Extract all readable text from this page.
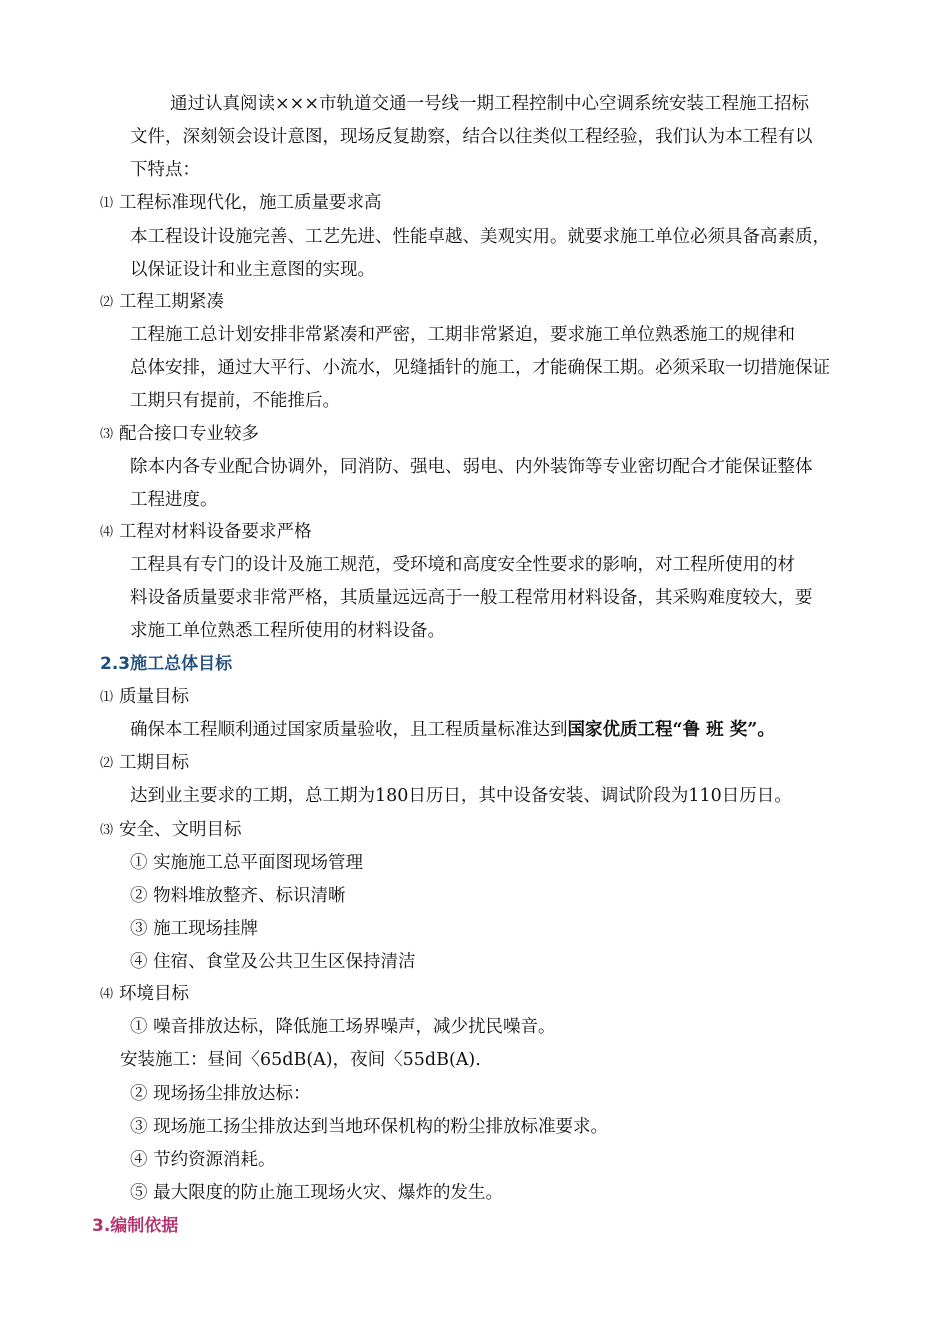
通过认真阅读×××市轨道交通一号线一期工程控制中心空调系统安装工程施工招标
文件，深刻领会设计意图，现场反复勘察，结合以往类似工程经验，我们认为本工程有以
下特点：
⑴ 工程标准现代化，施工质量要求高
本工程设计设施完善、工艺先进、性能卓越、美观实用。就要求施工单位必须具备高素质，
以保证设计和业主意图的实现。
⑵ 工程工期紧凑
工程施工总计划安排非常紧凑和严密，工期非常紧迫，要求施工单位熟悉施工的规律和
总体安排，通过大平行、小流水，见缝插针的施工，才能确保工期。必须采取一切措施保证
工期只有提前，不能推后。
⑶ 配合接口专业较多
除本内各专业配合协调外，同消防、强电、弱电、内外装饰等专业密切配合才能保证整体
工程进度。
⑷ 工程对材料设备要求严格
工程具有专门的设计及施工规范，受环境和高度安全性要求的影响，对工程所使用的材
料设备质量要求非常严格，其质量远远高于一般工程常用材料设备，其采购难度较大，要
求施工单位熟悉工程所使用的材料设备。
2.3施工总体目标
⑴ 质量目标
确保本工程顺利通过国家质量验收，且工程质量标准达到国家优质工程“鲁 班 奖”。
⑵ 工期目标
达到业主要求的工期，总工期为180日历日，其中设备安装、调试阶段为110日历日。
⑶ 安全、文明目标
① 实施施工总平面图现场管理
② 物料堆放整齐、标识清晰
③ 施工现场挂牌
④ 住宿、食堂及公共卫生区保持清洁
⑷ 环境目标
① 噪音排放达标，降低施工场界噪声，减少扰民噪音。
安装施工：昼间〈65dB(A)，夜间〈55dB(A).
② 现场扬尘排放达标：
③ 现场施工扬尘排放达到当地环保机构的粉尘排放标准要求。
④ 节约资源消耗。
⑤ 最大限度的防止施工现场火灾、爆炸的发生。
3.编制依据
